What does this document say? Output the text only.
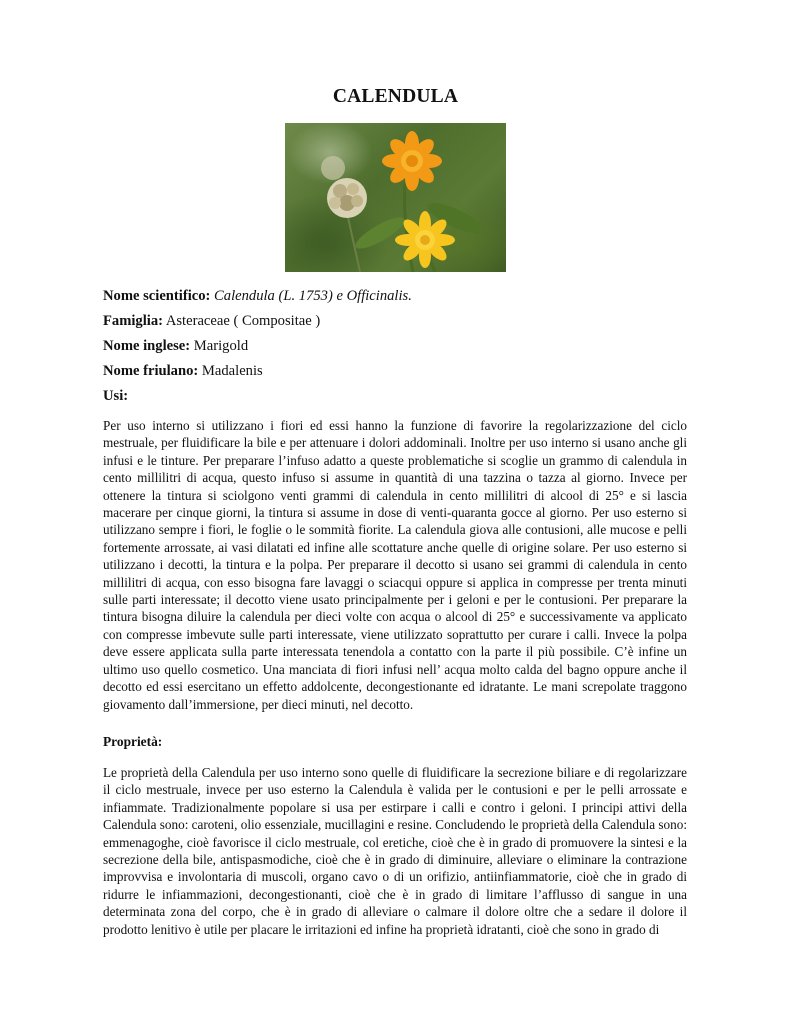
CALENDULA
Nome scientifico: Calendula (L. 1753) e Officinalis.
Famiglia: Asteraceae ( Compositae )
Nome inglese: Marigold
Nome friulano: Madalenis
Usi:

Per uso interno si utilizzano i fiori ed essi hanno la funzione di favorire la regolarizzazione del ciclo mestruale, per fluidificare la bile e per attenuare i dolori addominali. Inoltre per uso interno si usano anche gli infusi e le tinture. Per preparare l’infuso adatto a queste problematiche si scoglie un grammo di calendula in cento millilitri di acqua, questo infuso si assume in quantità di una tazzina o tazza al giorno. Invece per ottenere la tintura si sciolgono venti grammi di calendula in cento millilitri di alcool di 25° e si lascia macerare per cinque giorni, la tintura si assume in dose di venti-quaranta gocce al giorno. Per uso esterno si utilizzano sempre i fiori, le foglie o le sommità fiorite. La calendula giova alle contusioni, alle mucose e pelli fortemente arrossate, ai vasi dilatati ed infine alle scottature anche quelle di origine solare. Per uso esterno si utilizzano i decotti, la tintura e la polpa. Per preparare il decotto si usano sei grammi di calendula in cento millilitri di acqua, con esso bisogna fare lavaggi o sciacqui oppure si applica in compresse per trenta minuti sulle parti interessate; il decotto viene usato principalmente per i geloni e per le contusioni. Per preparare la tintura bisogna diluire la calendula per dieci volte con acqua o alcool di 25° e successivamente va applicato con compresse imbevute sulle parti interessate, viene utilizzato soprattutto per curare i calli. Invece la polpa deve essere applicata sulla parte interessata tenendola a contatto con la parte il più possibile. C’è infine un ultimo uso quello cosmetico. Una manciata di fiori infusi nell’ acqua molto calda del bagno oppure anche il decotto ed essi esercitano un effetto addolcente, decongestionante ed idratante. Le mani screpolate traggono giovamento dall’immersione, per dieci minuti, nel decotto.

Proprietà:

Le proprietà della Calendula per uso interno sono quelle di fluidificare la secrezione biliare e di regolarizzare il ciclo mestruale, invece per uso esterno la Calendula è valida per le contusioni e per le pelli arrossate e infiammate. Tradizionalmente popolare si usa per estirpare i calli e contro i geloni. I principi attivi della Calendula sono: caroteni, olio essenziale, mucillagini e resine. Concludendo le proprietà della Calendula sono: emmenagoghe, cioè favorisce il ciclo mestruale, col eretiche, cioè che è in grado di promuovere la sintesi e la secrezione della bile, antispasmodiche, cioè che è in grado di diminuire, alleviare o eliminare la contrazione improvvisa e involontaria di muscoli, organo cavo o di un orifizio, antiinfiammatorie, cioè che in grado di ridurre le infiammazioni, decongestionanti, cioè che è in grado di limitare l’afflusso di sangue in una determinata zona del corpo, che è in grado di alleviare o calmare il dolore oltre che a sedare il dolore il prodotto lenitivo è utile per placare le irritazioni ed infine ha proprietà idratanti, cioè che sono in grado di
